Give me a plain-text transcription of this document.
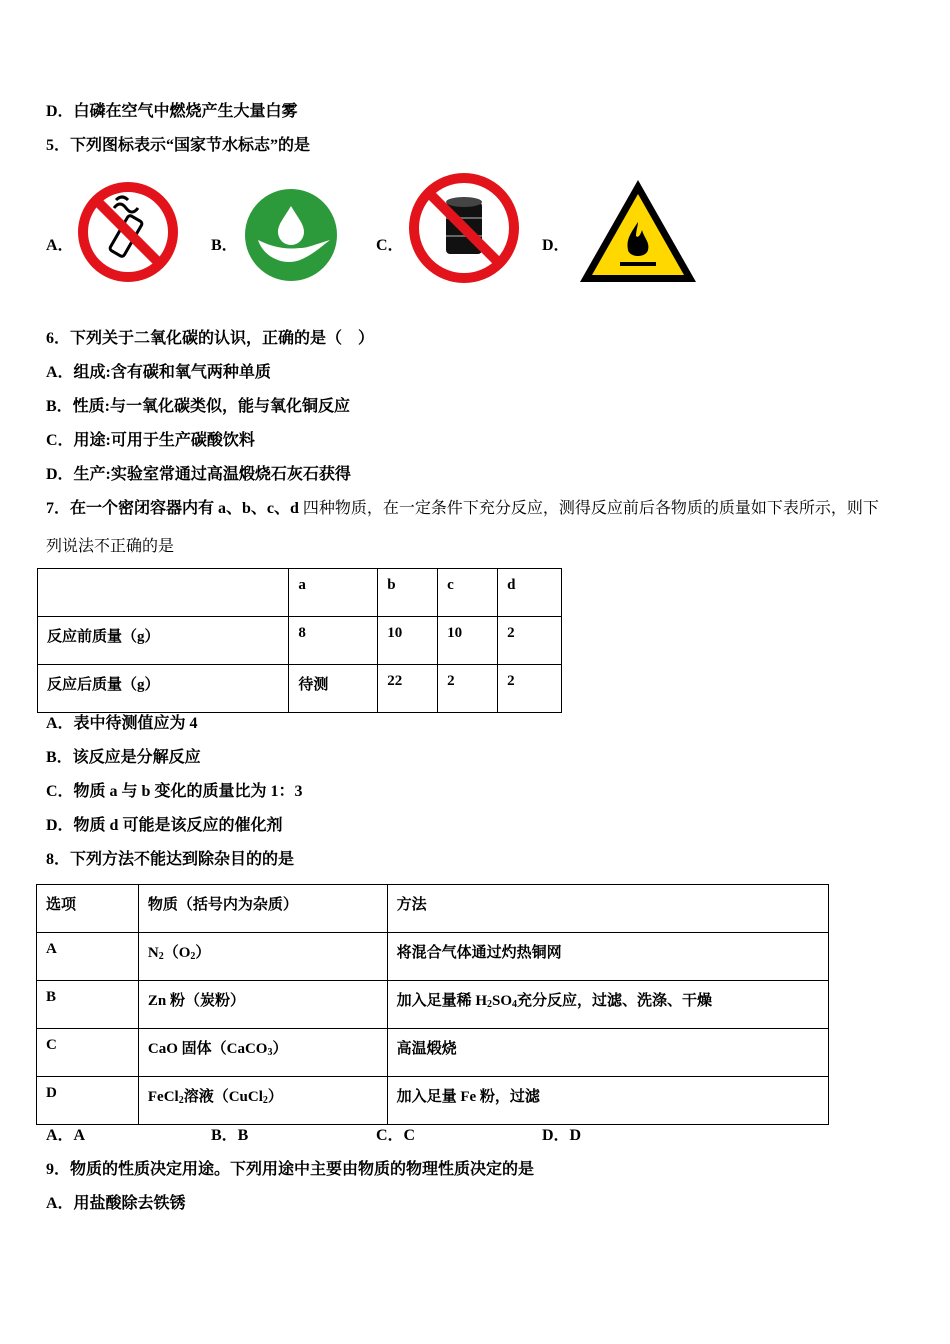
D．白磷在空气中燃烧产生大量白雾
5．下列图标表示“国家节水标志”的是
A．	B．	C．	D．
6．下列关于二氧化碳的认识，正确的是（　）
A．组成:含有碳和氧气两种单质
B．性质:与一氧化碳类似，能与氧化铜反应
C．用途:可用于生产碳酸饮料
D．生产:实验室常通过高温煅烧石灰石获得
7．在一个密闭容器内有 a、b、c、d 四种物质，在一定条件下充分反应，测得反应前后各物质的质量如下表所示，则下
列说法不正确的是
	a	b	c	d
反应前质量（g）	8	10	10	2
反应后质量（g）	待测	22	2	2
A．表中待测值应为 4
B．该反应是分解反应
C．物质 a 与 b 变化的质量比为 1：3
D．物质 d 可能是该反应的催化剂
8．下列方法不能达到除杂目的的是
选项	物质（括号内为杂质）	方法
A	$N_2(O_2)$	将混合气体通过灼热铜网
B	Zn 粉（炭粉）	加入足量稀 $H_2SO_4$充分反应，过滤、洗涤、干燥
C	CaO 固体（CaCO$_3$）	高温煅烧
D	FeCl$_2$溶液（CuCl$_2$）	加入足量 Fe 粉，过滤
A．A	B．B	C．C	D．D
9．物质的性质决定用途。下列用途中主要由物质的物理性质决定的是
A．用盐酸除去铁锈
